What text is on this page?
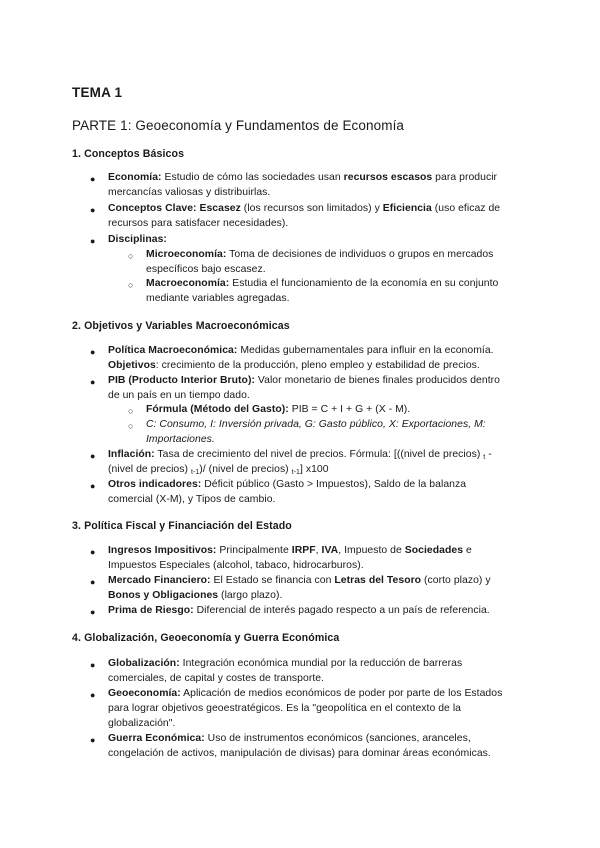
TEMA 1
PARTE 1: Geoeconomía y Fundamentos de Economía
1. Conceptos Básicos
● Economía: Estudio de cómo las sociedades usan recursos escasos para producir
mercancías valiosas y distribuirlas.
● Conceptos Clave: Escasez (los recursos son limitados) y Eficiencia (uso eficaz de
recursos para satisfacer necesidades).
● Disciplinas:
○ Microeconomía: Toma de decisiones de individuos o grupos en mercados
específicos bajo escasez.
○ Macroeconomía: Estudia el funcionamiento de la economía en su conjunto
mediante variables agregadas.
2. Objetivos y Variables Macroeconómicas
● Política Macroeconómica: Medidas gubernamentales para influir en la economía.
Objetivos: crecimiento de la producción, pleno empleo y estabilidad de precios.
● PIB (Producto Interior Bruto): Valor monetario de bienes finales producidos dentro
de un país en un tiempo dado.
○ Fórmula (Método del Gasto): PIB = C + I + G + (X - M).
○ C: Consumo, I: Inversión privada, G: Gasto público, X: Exportaciones, M:
Importaciones.
● Inflación: Tasa de crecimiento del nivel de precios. Fórmula: [((nivel de precios) $_t$ -
(nivel de precios) $_{t-1}$)/ (nivel de precios) $_{t-1}$] x100
● Otros indicadores: Déficit público (Gasto > Impuestos), Saldo de la balanza
comercial (X-M), y Tipos de cambio.
3. Política Fiscal y Financiación del Estado
● Ingresos Impositivos: Principalmente IRPF, IVA, Impuesto de Sociedades e
Impuestos Especiales (alcohol, tabaco, hidrocarburos).
● Mercado Financiero: El Estado se financia con Letras del Tesoro (corto plazo) y
Bonos y Obligaciones (largo plazo).
● Prima de Riesgo: Diferencial de interés pagado respecto a un país de referencia.
4. Globalización, Geoeconomía y Guerra Económica
● Globalización: Integración económica mundial por la reducción de barreras
comerciales, de capital y costes de transporte.
● Geoeconomía: Aplicación de medios económicos de poder por parte de los Estados
para lograr objetivos geoestratégicos. Es la "geopolítica en el contexto de la
globalización".
● Guerra Económica: Uso de instrumentos económicos (sanciones, aranceles,
congelación de activos, manipulación de divisas) para dominar áreas económicas.
